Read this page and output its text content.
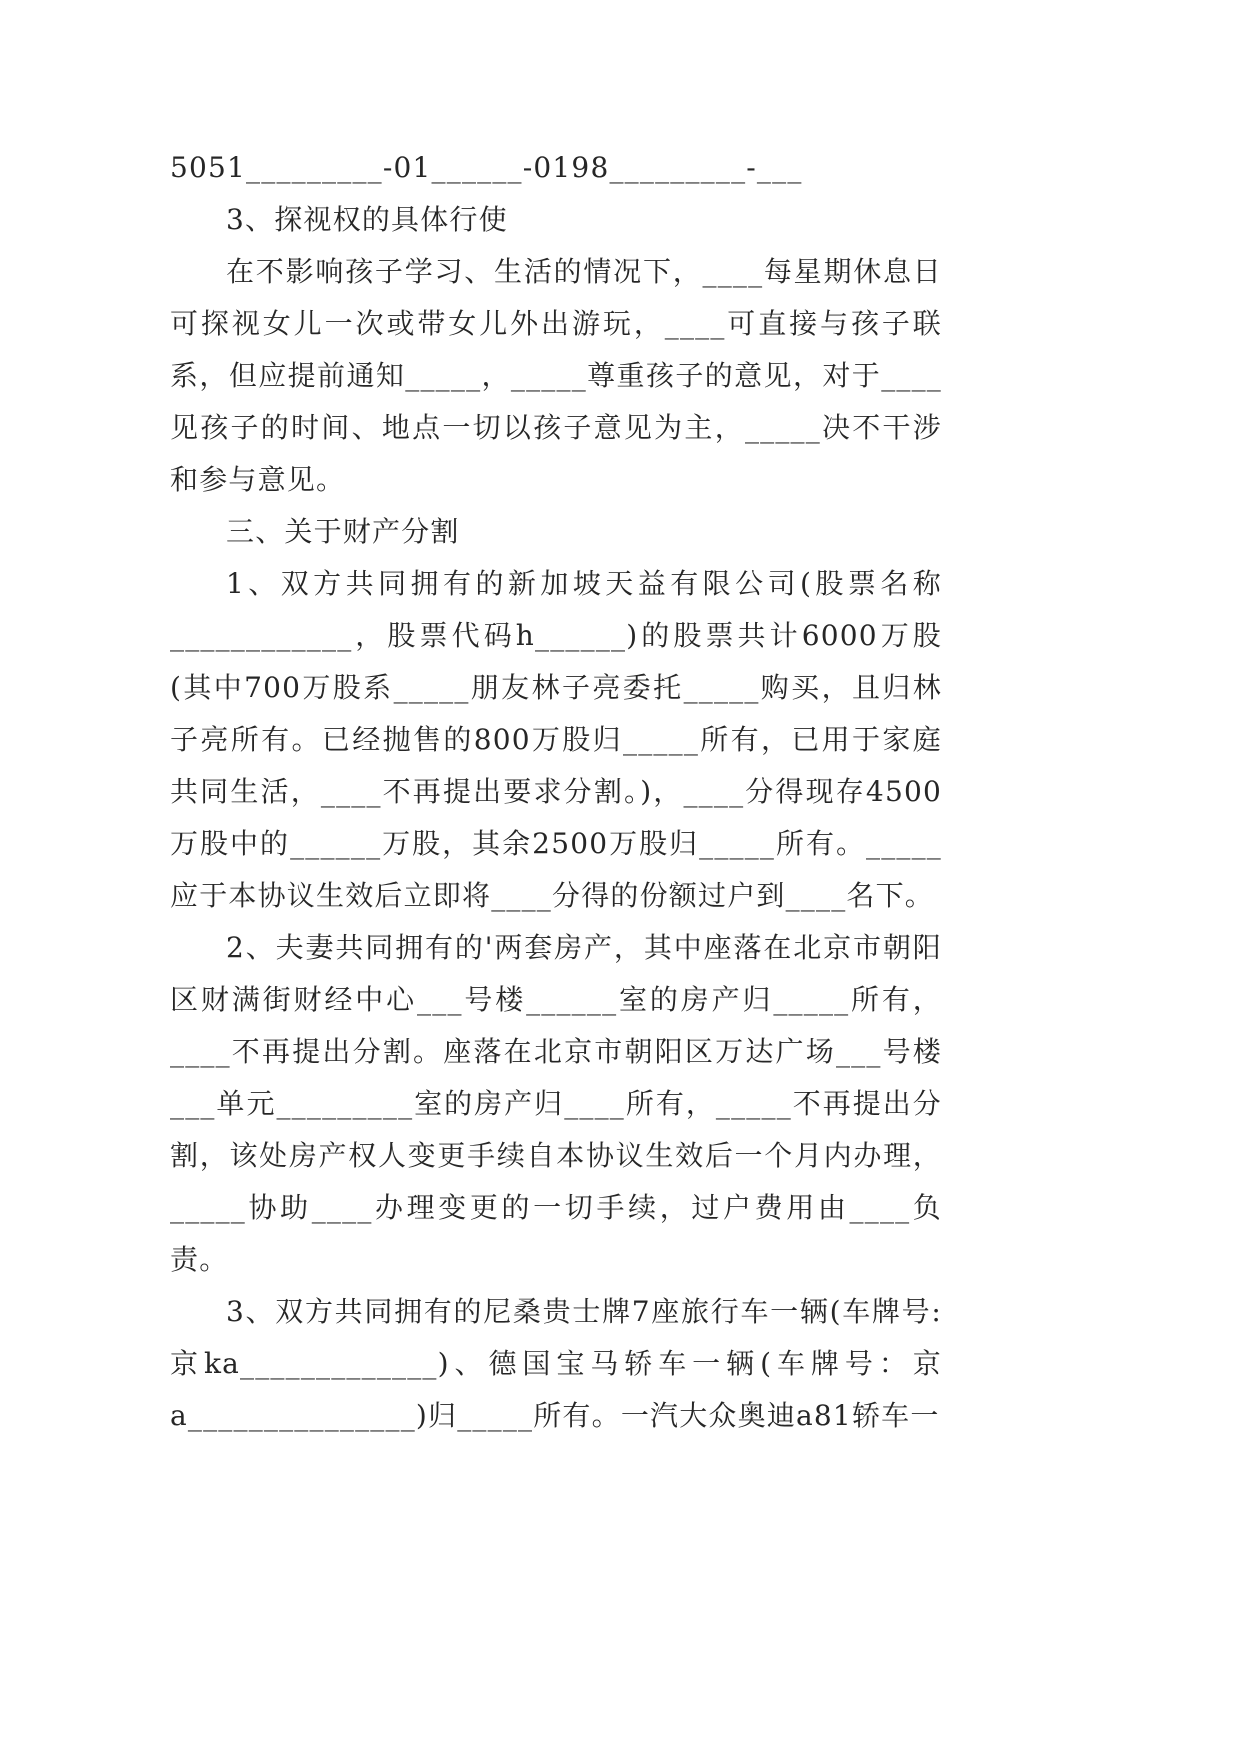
5051_________-01______-0198_________-___

3、探视权的具体行使

在不影响孩子学习、生活的情况下，____每星期休息日可探视女儿一次或带女儿外出游玩，____可直接与孩子联系，但应提前通知_____，_____尊重孩子的意见，对于____见孩子的时间、地点一切以孩子意见为主，_____决不干涉和参与意见。

三、关于财产分割

1、双方共同拥有的新加坡天益有限公司(股票名称____________，股票代码h______)的股票共计6000万股(其中700万股系_____朋友林子亮委托_____购买，且归林子亮所有。已经抛售的800万股归_____所有，已用于家庭共同生活，____不再提出要求分割。)，____分得现存4500万股中的______万股，其余2500万股归_____所有。_____应于本协议生效后立即将____分得的份额过户到____名下。

2、夫妻共同拥有的'两套房产，其中座落在北京市朝阳区财满街财经中心___号楼______室的房产归_____所有，____不再提出分割。座落在北京市朝阳区万达广场___号楼___单元_________室的房产归____所有，_____不再提出分割，该处房产权人变更手续自本协议生效后一个月内办理，_____协助____办理变更的一切手续，过户费用由____负责。

3、双方共同拥有的尼桑贵士牌7座旅行车一辆(车牌号:京ka_____________)、德国宝马轿车一辆(车牌号：京a_______________)归_____所有。一汽大众奥迪a81轿车一
